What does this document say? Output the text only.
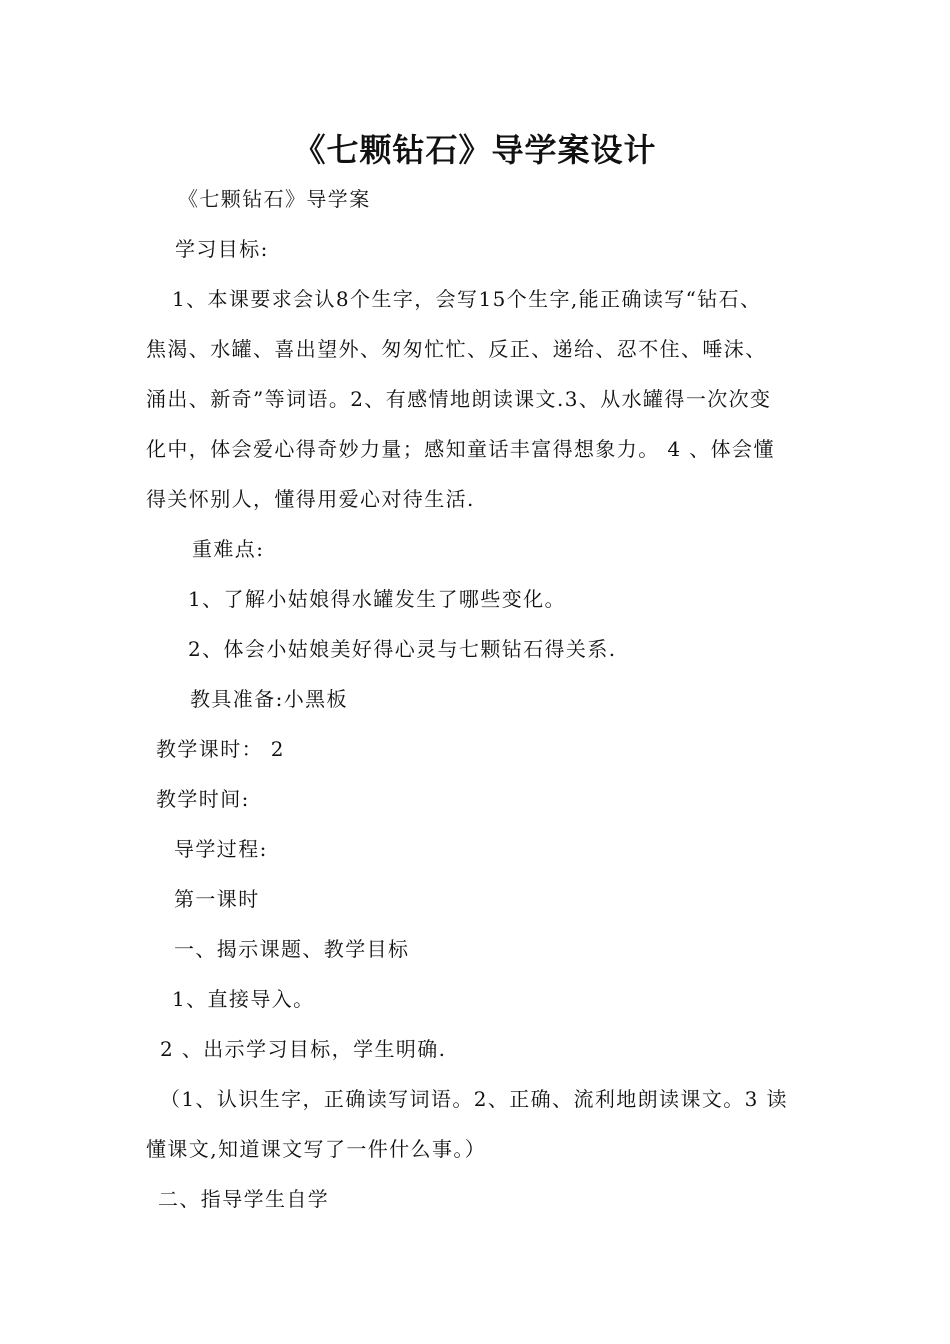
《七颗钻石》导学案设计

《七颗钻石》导学案

学习目标:

1、本课要求会认8个生字，会写15个生字,能正确读写“钻石、

焦渴、水罐、喜出望外、匆匆忙忙、反正、递给、忍不住、唾沫、

涌出、新奇”等词语。2、有感情地朗读课文.3、从水罐得一次次变

化中，体会爱心得奇妙力量；感知童话丰富得想象力。 4 、体会懂

得关怀别人，懂得用爱心对待生活.

重难点:

1、了解小姑娘得水罐发生了哪些变化。

2、体会小姑娘美好得心灵与七颗钻石得关系.

教具准备:小黑板

教学课时： 2

教学时间:

导学过程:

第一课时

一、揭示课题、教学目标

1、直接导入。

2 、出示学习目标，学生明确.

（1、认识生字，正确读写词语。2、正确、流利地朗读课文。3 读

懂课文,知道课文写了一件什么事。）

二、指导学生自学
